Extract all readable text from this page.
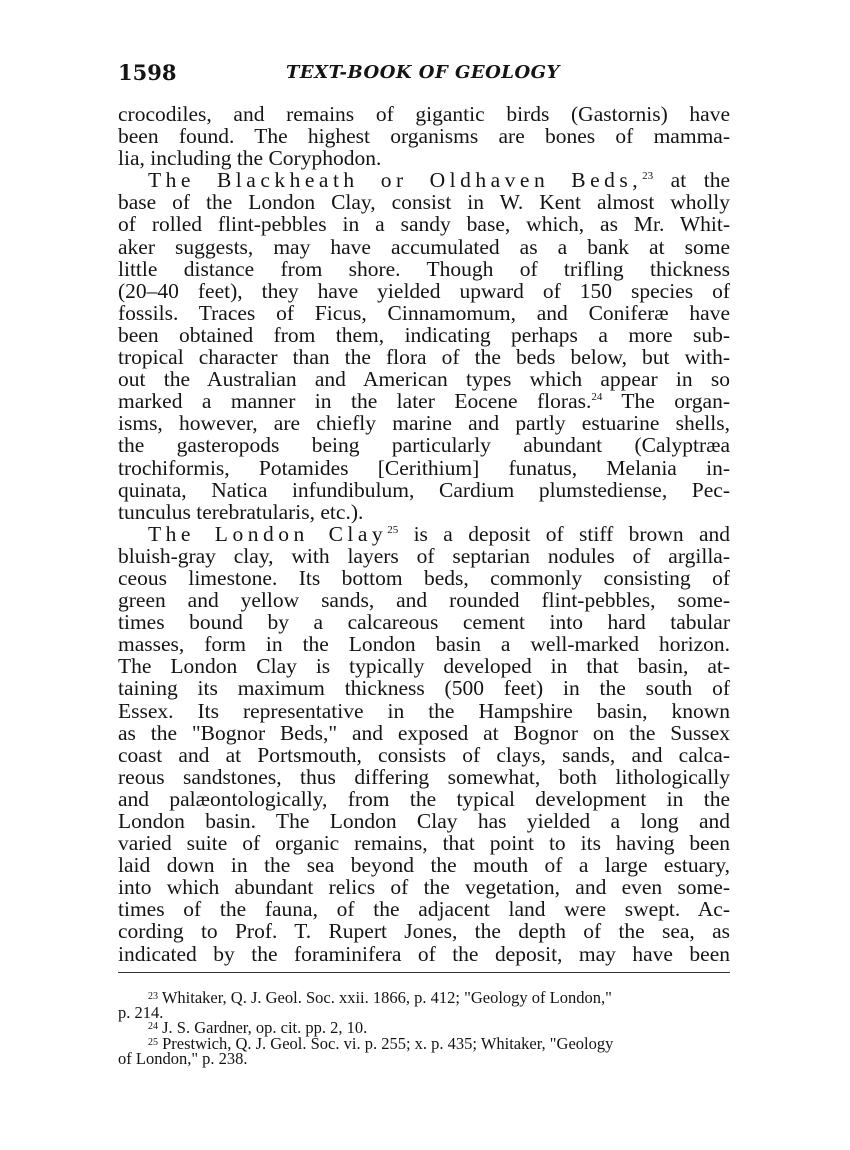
1598	TEXT-BOOK OF GEOLOGY
crocodiles, and remains of gigantic birds (Gastornis) have
been found. The highest organisms are bones of mamma-
lia, including the Coryphodon.
The Blackheath or Oldhaven Beds,$^{23}$ at the
base of the London Clay, consist in W. Kent almost wholly
of rolled flint-pebbles in a sandy base, which, as Mr. Whit-
aker suggests, may have accumulated as a bank at some
little distance from shore. Though of trifling thickness
(20–40 feet), they have yielded upward of 150 species of
fossils. Traces of Ficus, Cinnamomum, and Coniferæ have
been obtained from them, indicating perhaps a more sub-
tropical character than the flora of the beds below, but with-
out the Australian and American types which appear in so
marked a manner in the later Eocene floras.$^{24}$ The organ-
isms, however, are chiefly marine and partly estuarine shells,
the gasteropods being particularly abundant (Calyptræa
trochiformis, Potamides [Cerithium] funatus, Melania in-
quinata, Natica infundibulum, Cardium plumstediense, Pec-
tunculus terebratularis, etc.).
The London Clay$^{25}$ is a deposit of stiff brown and
bluish-gray clay, with layers of septarian nodules of argilla-
ceous limestone. Its bottom beds, commonly consisting of
green and yellow sands, and rounded flint-pebbles, some-
times bound by a calcareous cement into hard tabular
masses, form in the London basin a well-marked horizon.
The London Clay is typically developed in that basin, at-
taining its maximum thickness (500 feet) in the south of
Essex. Its representative in the Hampshire basin, known
as the "Bognor Beds," and exposed at Bognor on the Sussex
coast and at Portsmouth, consists of clays, sands, and calca-
reous sandstones, thus differing somewhat, both lithologically
and palæontologically, from the typical development in the
London basin. The London Clay has yielded a long and
varied suite of organic remains, that point to its having been
laid down in the sea beyond the mouth of a large estuary,
into which abundant relics of the vegetation, and even some-
times of the fauna, of the adjacent land were swept. Ac-
cording to Prof. T. Rupert Jones, the depth of the sea, as
indicated by the foraminifera of the deposit, may have been
$^{23}$ Whitaker, Q. J. Geol. Soc. xxii. 1866, p. 412; "Geology of London,"
p. 214.
$^{24}$ J. S. Gardner, op. cit. pp. 2, 10.
$^{25}$ Prestwich, Q. J. Geol. Soc. vi. p. 255; x. p. 435; Whitaker, "Geology
of London," p. 238.
